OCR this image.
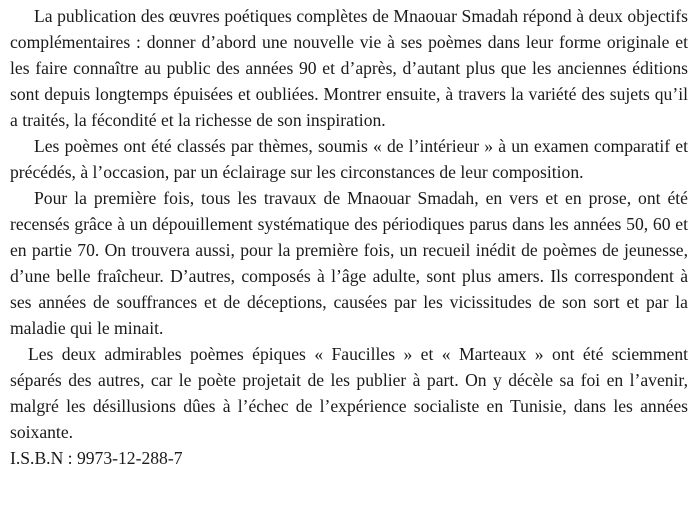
La publication des œuvres poétiques complètes de Mnaouar Smadah répond à deux objectifs complémentaires : donner d’abord une nouvelle vie à ses poèmes dans leur forme originale et les faire connaître au public des années 90 et d’après, d’autant plus que les anciennes éditions sont depuis longtemps épuisées et oubliées. Montrer ensuite, à travers la variété des sujets qu’il a traités, la fécondité et la richesse de son inspiration.

Les poèmes ont été classés par thèmes, soumis « de l’intérieur » à un examen comparatif et précédés, à l’occasion, par un éclairage sur les circonstances de leur composition.

Pour la première fois, tous les travaux de Mnaouar Smadah, en vers et en prose, ont été recensés grâce à un dépouillement systématique des périodiques parus dans les années 50, 60 et en partie 70. On trouvera aussi, pour la première fois, un recueil inédit de poèmes de jeunesse, d’une belle fraîcheur. D’autres, composés à l’âge adulte, sont plus amers. Ils correspondent à ses années de souffrances et de déceptions, causées par les vicissitudes de son sort et par la maladie qui le minait.

Les deux admirables poèmes épiques « Faucilles » et « Marteaux » ont été sciemment séparés des autres, car le poète projetait de les publier à part. On y décèle sa foi en l’avenir, malgré les désillusions dûes à l’échec de l’expérience socialiste en Tunisie, dans les années soixante.

I.S.B.N : 9973-12-288-7
